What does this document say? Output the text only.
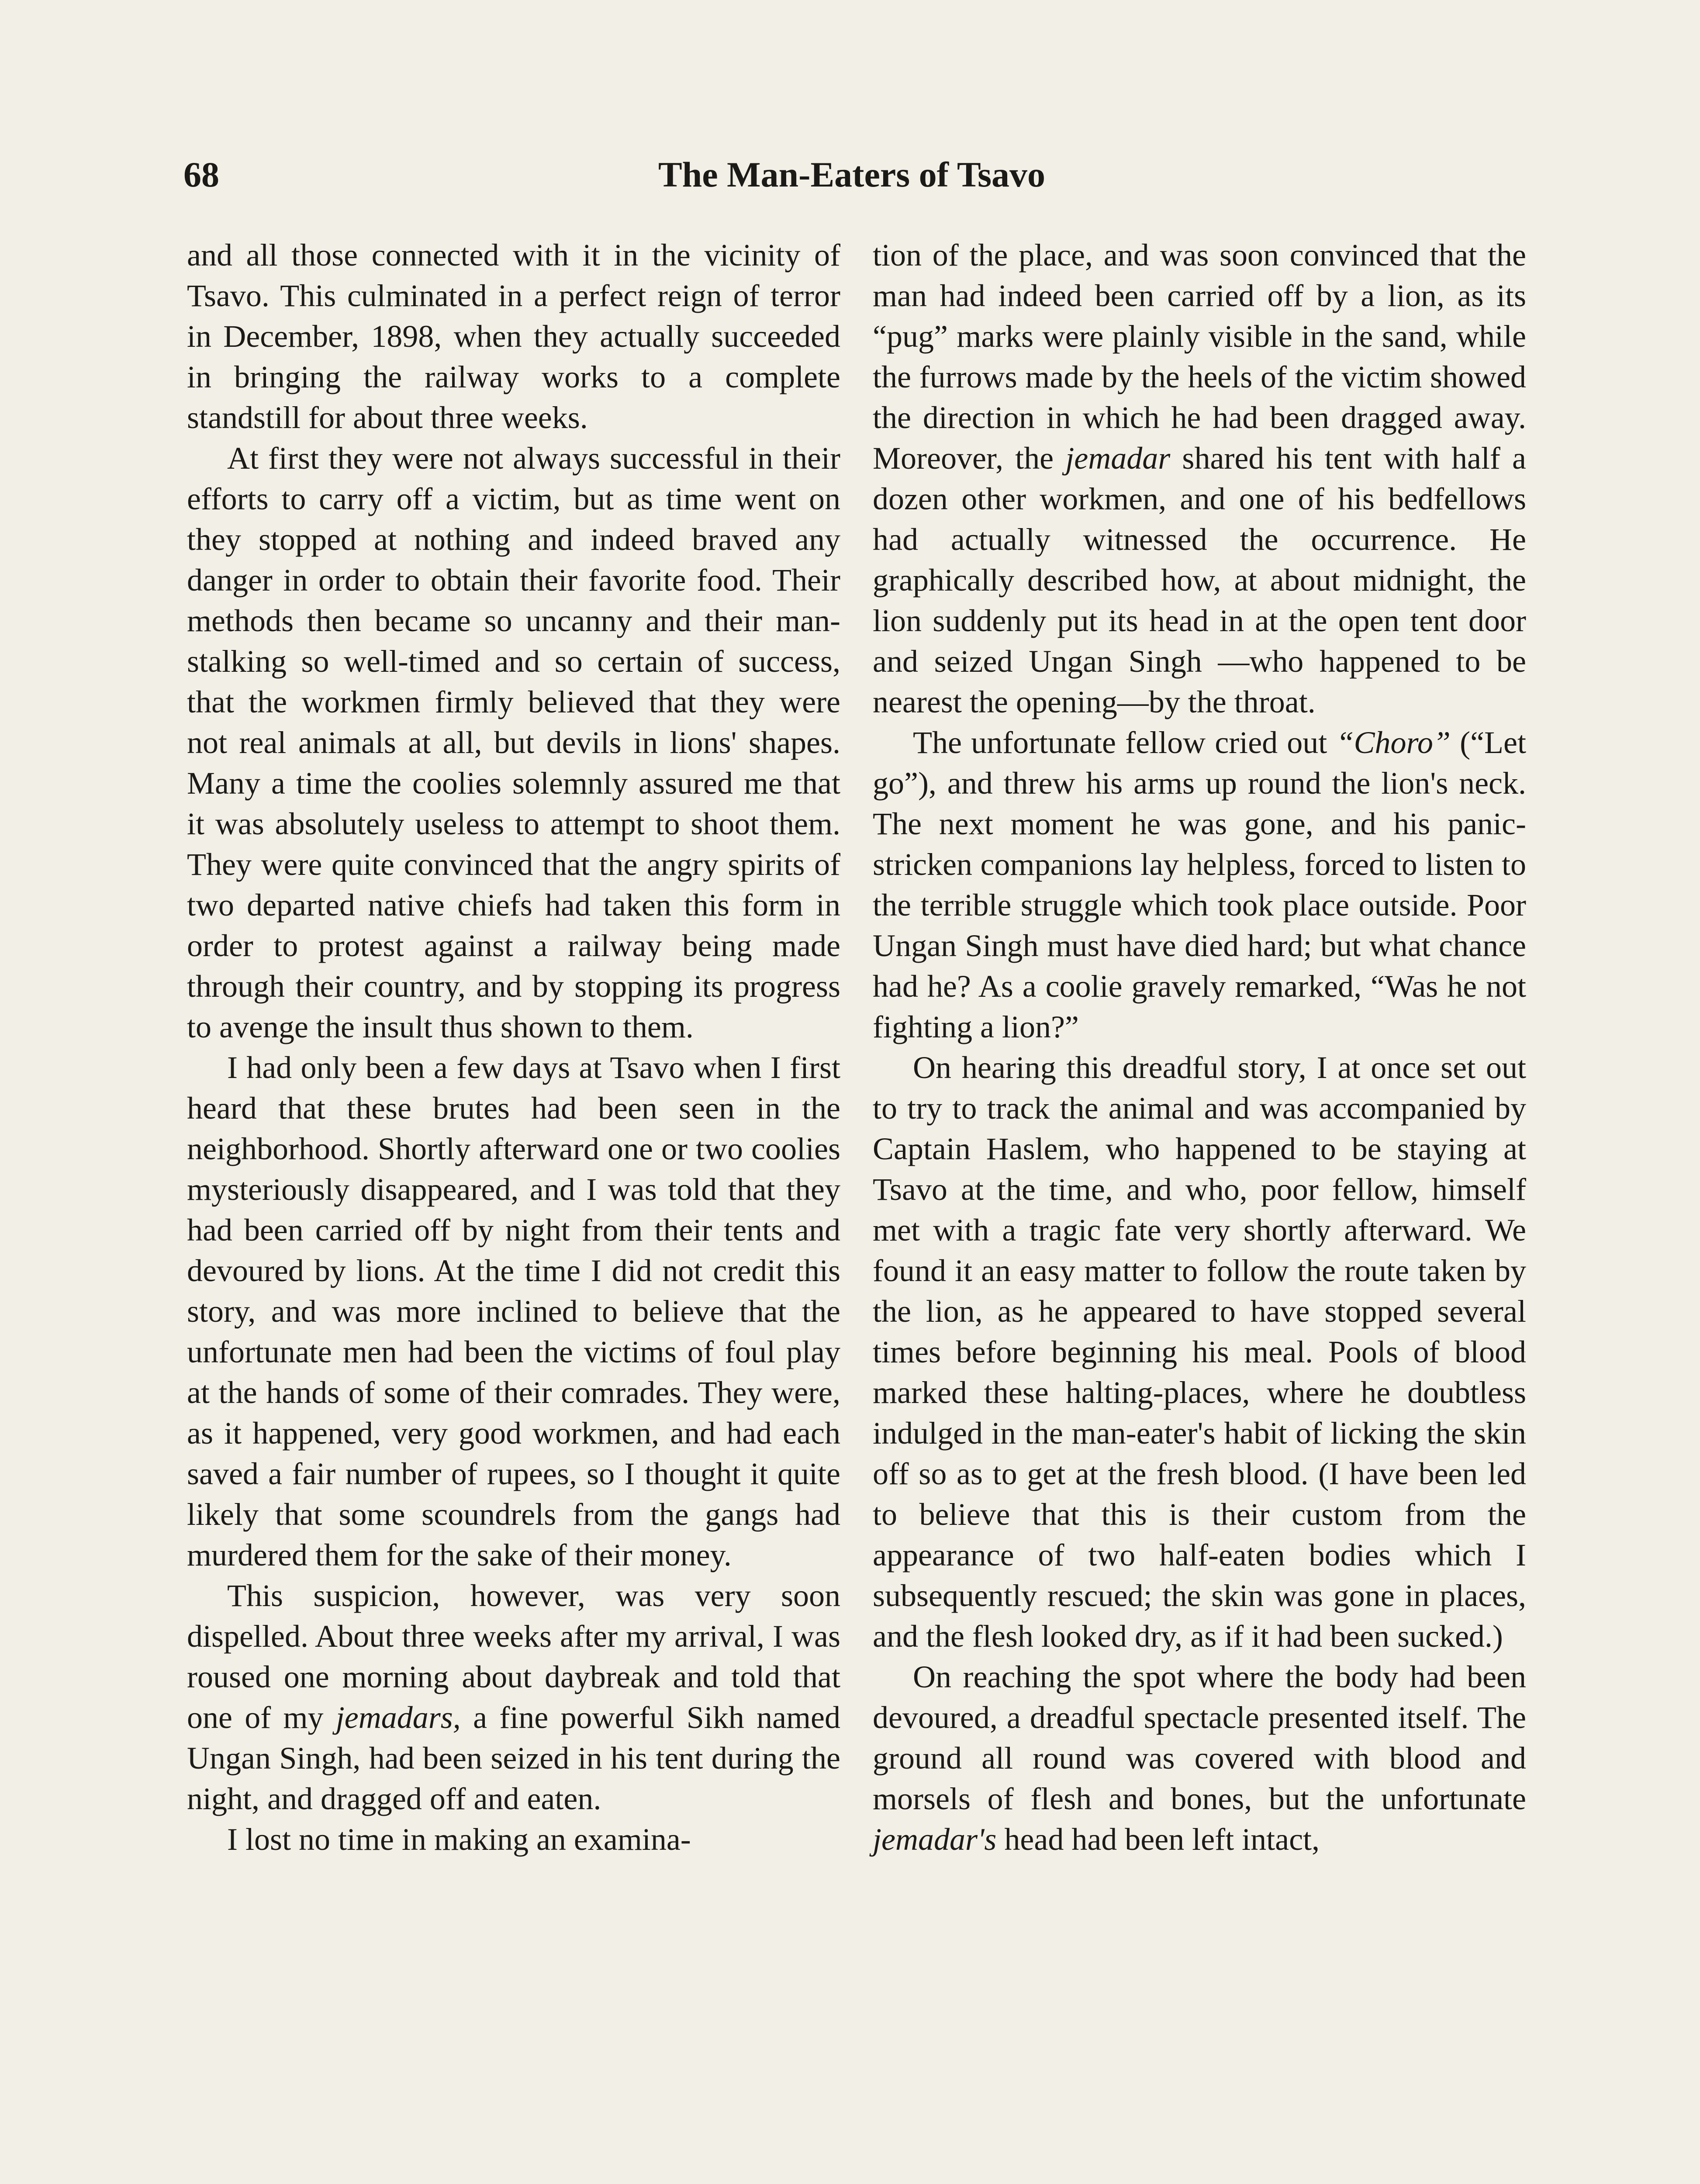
68	The Man-Eaters of Tsavo

and all those connected with it in the vicinity of Tsavo. This culminated in a perfect reign of terror in December, 1898, when they actually succeeded in bringing the railway works to a complete standstill for about three weeks.

At first they were not always successful in their efforts to carry off a victim, but as time went on they stopped at nothing and indeed braved any danger in order to obtain their favorite food. Their methods then became so uncanny and their man-stalking so well-timed and so certain of success, that the workmen firmly believed that they were not real animals at all, but devils in lions' shapes. Many a time the coolies solemnly assured me that it was absolutely useless to attempt to shoot them. They were quite convinced that the angry spirits of two departed native chiefs had taken this form in order to protest against a railway being made through their country, and by stopping its progress to avenge the insult thus shown to them.

I had only been a few days at Tsavo when I first heard that these brutes had been seen in the neighborhood. Shortly afterward one or two coolies mysteriously disappeared, and I was told that they had been carried off by night from their tents and devoured by lions. At the time I did not credit this story, and was more inclined to believe that the unfortunate men had been the victims of foul play at the hands of some of their comrades. They were, as it happened, very good workmen, and had each saved a fair number of rupees, so I thought it quite likely that some scoundrels from the gangs had murdered them for the sake of their money.

This suspicion, however, was very soon dispelled. About three weeks after my arrival, I was roused one morning about daybreak and told that one of my jemadars, a fine powerful Sikh named Ungan Singh, had been seized in his tent during the night, and dragged off and eaten.

I lost no time in making an examina-

tion of the place, and was soon convinced that the man had indeed been carried off by a lion, as its “pug” marks were plainly visible in the sand, while the furrows made by the heels of the victim showed the direction in which he had been dragged away. Moreover, the jemadar shared his tent with half a dozen other workmen, and one of his bedfellows had actually witnessed the occurrence. He graphically described how, at about midnight, the lion suddenly put its head in at the open tent door and seized Ungan Singh —who happened to be nearest the opening—by the throat.

The unfortunate fellow cried out “Choro” (“Let go”), and threw his arms up round the lion's neck. The next moment he was gone, and his panic-stricken companions lay helpless, forced to listen to the terrible struggle which took place outside. Poor Ungan Singh must have died hard; but what chance had he? As a coolie gravely remarked, “Was he not fighting a lion?”

On hearing this dreadful story, I at once set out to try to track the animal and was accompanied by Captain Haslem, who happened to be staying at Tsavo at the time, and who, poor fellow, himself met with a tragic fate very shortly afterward. We found it an easy matter to follow the route taken by the lion, as he appeared to have stopped several times before beginning his meal. Pools of blood marked these halting-places, where he doubtless indulged in the man-eater's habit of licking the skin off so as to get at the fresh blood. (I have been led to believe that this is their custom from the appearance of two half-eaten bodies which I subsequently rescued; the skin was gone in places, and the flesh looked dry, as if it had been sucked.)

On reaching the spot where the body had been devoured, a dreadful spectacle presented itself. The ground all round was covered with blood and morsels of flesh and bones, but the unfortunate jemadar's head had been left intact,
